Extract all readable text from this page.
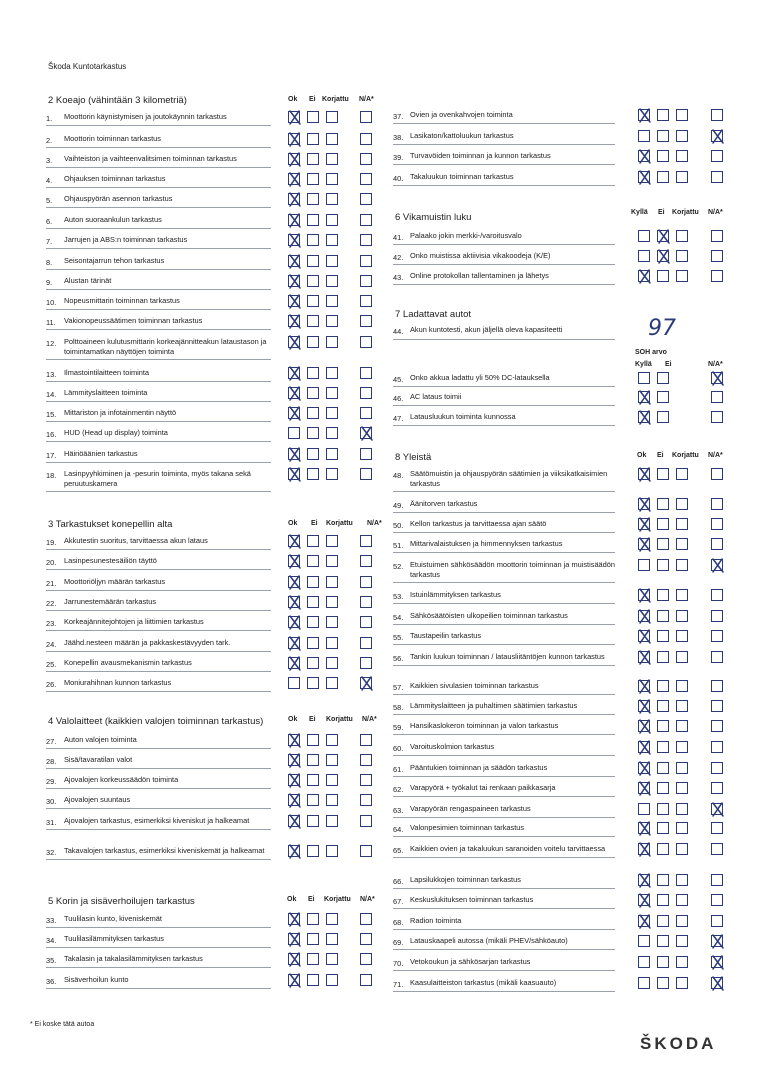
Škoda Kuntotarkastus
* Ei koske tätä autoa
ŠKODA
2 Koeajo (vähintään 3 kilometriä)	Ok Ei Korjattu N/A*
1.	Moottorin käynistymisen ja joutokäynnin tarkastus
2.	Moottorin toiminnan tarkastus
3.	Vaihteiston ja vaihteenvalitsimen toiminnan tarkastus
4.	Ohjauksen toiminnan tarkastus
5.	Ohjauspyörän asennon tarkastus
6.	Auton suoraankulun tarkastus
7.	Jarrujen ja ABS:n toiminnan tarkastus
8.	Seisontajarrun tehon tarkastus
9.	Alustan tärinät
10.	Nopeusmittarin toiminnan tarkastus
11.	Vakionopeussäätimen toiminnan tarkastus
12.	Polttoaineen kulutusmittarin korkeajännitteakun lataustason ja toimintamatkan näyttöjen toiminta
13.	Ilmastointilaitteen toiminta
14.	Lämmityslaitteen toiminta
15.	Mittariston ja infotainmentin näyttö
16.	HUD (Head up display) toiminta
17.	Häiriöäänien tarkastus
18.	Lasinpyyhkiminen ja -pesurin toiminta, myös takana sekä peruutuskamera
3 Tarkastukset konepellin alta	Ok Ei Korjattu N/A*
19.	Akkutestin suoritus, tarvittaessa akun lataus
20.	Lasinpesunestesäiliön täyttö
21.	Moottoriöljyn määrän tarkastus
22.	Jarrunestemäärän tarkastus
23.	Korkeajännitejohtojen ja liittimien tarkastus
24.	Jäähd.nesteen määrän ja pakkaskestävyyden tark.
25.	Konepellin avausmekanismin tarkastus
26.	Moniurahihnan kunnon tarkastus
4 Valolaitteet (kaikkien valojen toiminnan tarkastus)	Ok Ei Korjattu N/A*
27.	Auton valojen toiminta
28.	Sisä/tavaratilan valot
29.	Ajovalojen korkeussäädön toiminta
30.	Ajovalojen suuntaus
31.	Ajovalojen tarkastus, esimerkiksi kiveniskut ja halkeamat
32.	Takavalojen tarkastus, esimerkiksi kiveniskemät ja halkeamat
5 Korin ja sisäverhoilujen tarkastus	Ok Ei Korjattu N/A*
33.	Tuulilasin kunto, kiveniskemät
34.	Tuulilasilämmityksen tarkastus
35.	Takalasin ja takalasilämmityksen tarkastus
36.	Sisäverhoilun kunto
37. Ovien ja ovenkahvojen toiminta
38. Lasikaton/kattoluukun tarkastus
39. Turvavöiden toiminnan ja kunnon tarkastus
40. Takaluukun toiminnan tarkastus
6 Vikamuistin luku	Kyllä Ei Korjattu N/A*
41. Palaako jokin merkki-/varoitusvalo
42. Onko muistissa aktiivisia vikakoodeja (K/E)
43. Online protokollan tallentaminen ja lähetys
7 Ladattavat autot
44. Akun kuntotesti, akun jäljellä oleva kapasiteetti	97
SOH arvo
Kyllä Ei	N/A*
45. Onko akkua ladattu yli 50% DC-latauksella
46. AC lataus toimii
47. Latausluukun toiminta kunnossa
8 Yleistä	Ok Ei Korjattu N/A*
48. Säätömuistin ja ohjauspyörän säätimien ja viiksikatkaisimien tarkastus
49. Äänitorven tarkastus
50. Kellon tarkastus ja tarvittaessa ajan säätö
51. Mittarivalaistuksen ja himmennyksen tarkastus
52. Etuistuimen sähkösäädön moottorin toiminnan ja muistisäädön tarkastus
53. Istuinlämmityksen tarkastus
54. Sähkösäätöisten ulkopeilien toiminnan tarkastus
55. Taustapeilin tarkastus
56. Tankin luukun toiminnan / latausliitäntöjen kunnon tarkastus
57. Kaikkien sivulasien toiminnan tarkastus
58. Lämmityslaitteen ja puhaltimen säätimien tarkastus
59. Hansikaslokeron toiminnan ja valon tarkastus
60. Varoituskolmion tarkastus
61. Pääntukien toiminnan ja säädön tarkastus
62. Varapyörä + työkalut tai renkaan paikkasarja
63. Varapyörän rengaspaineen tarkastus
64. Valonpesimien toiminnan tarkastus
65. Kaikkien ovien ja takaluukun saranoiden voitelu tarvittaessa
66. Lapsilukkojen toiminnan tarkastus
67. Keskuslukituksen toiminnan tarkastus
68. Radion toiminta
69. Latauskaapeli autossa (mikäli PHEV/sähköauto)
70. Vetokoukun ja sähkösarjan tarkastus
71. Kaasulaitteiston tarkastus (mikäli kaasuauto)
